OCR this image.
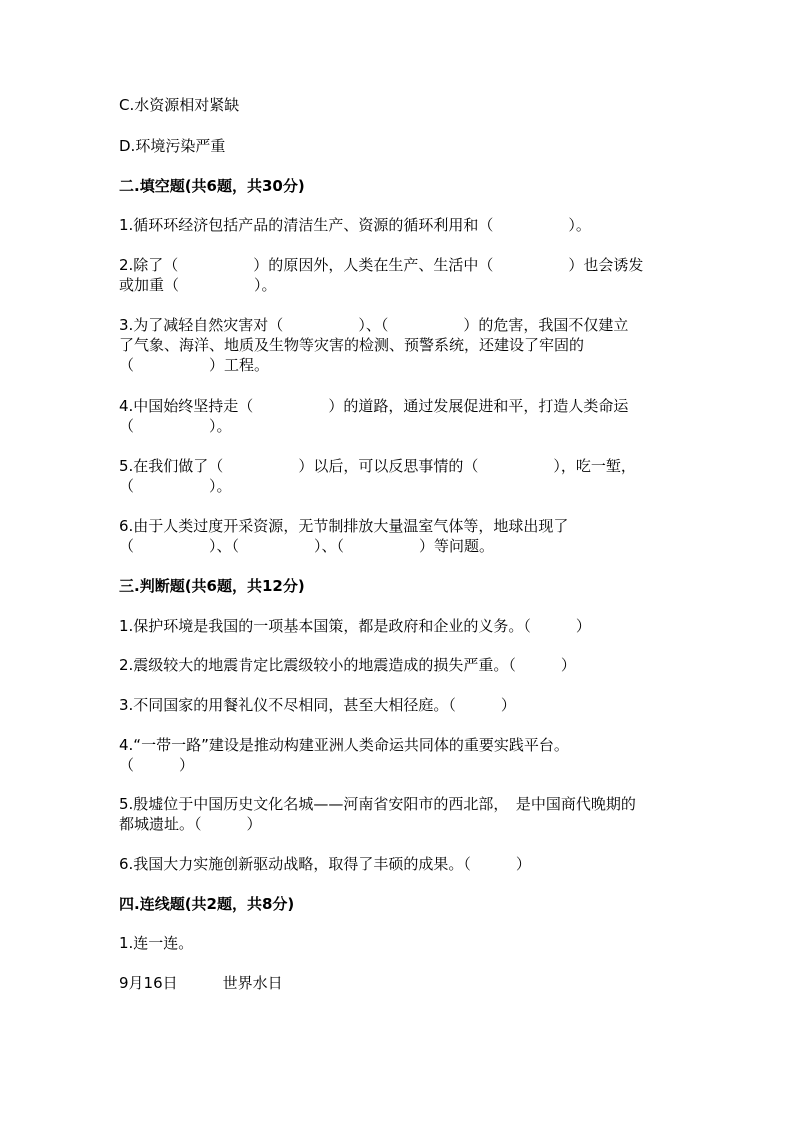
C.水资源相对紧缺

D.环境污染严重

二.填空题(共6题，共30分)

1.循环环经济包括产品的清洁生产、资源的循环利用和（　　　　　）。

2.除了（　　　　　）的原因外，人类在生产、生活中（　　　　　）也会诱发

或加重（　　　　　）。

3.为了减轻自然灾害对（　　　　　）、（　　　　　）的危害，我国不仅建立

了气象、海洋、地质及生物等灾害的检测、预警系统，还建设了牢固的

（　　　　　）工程。

4.中国始终坚持走（　　　　　）的道路，通过发展促进和平，打造人类命运

（　　　　　）。

5.在我们做了（　　　　　）以后，可以反思事情的（　　　　　），吃一堑，

（　　　　　）。

6.由于人类过度开采资源，无节制排放大量温室气体等，地球出现了

（　　　　　）、（　　　　　）、（　　　　　）等问题。

三.判断题(共6题，共12分)

1.保护环境是我国的一项基本国策，都是政府和企业的义务。（　　　）

2.震级较大的地震肯定比震级较小的地震造成的损失严重。（　　　）

3.不同国家的用餐礼仪不尽相同，甚至大相径庭。（　　　）

4.“一带一路”建设是推动构建亚洲人类命运共同体的重要实践平台。

（　　　）

5.殷墟位于中国历史文化名城——河南省安阳市的西北部，　是中国商代晚期的

都城遗址。（　　　）

6.我国大力实施创新驱动战略，取得了丰硕的成果。（　　　）

四.连线题(共2题，共8分)

1.连一连。

9月16日　　　世界水日
